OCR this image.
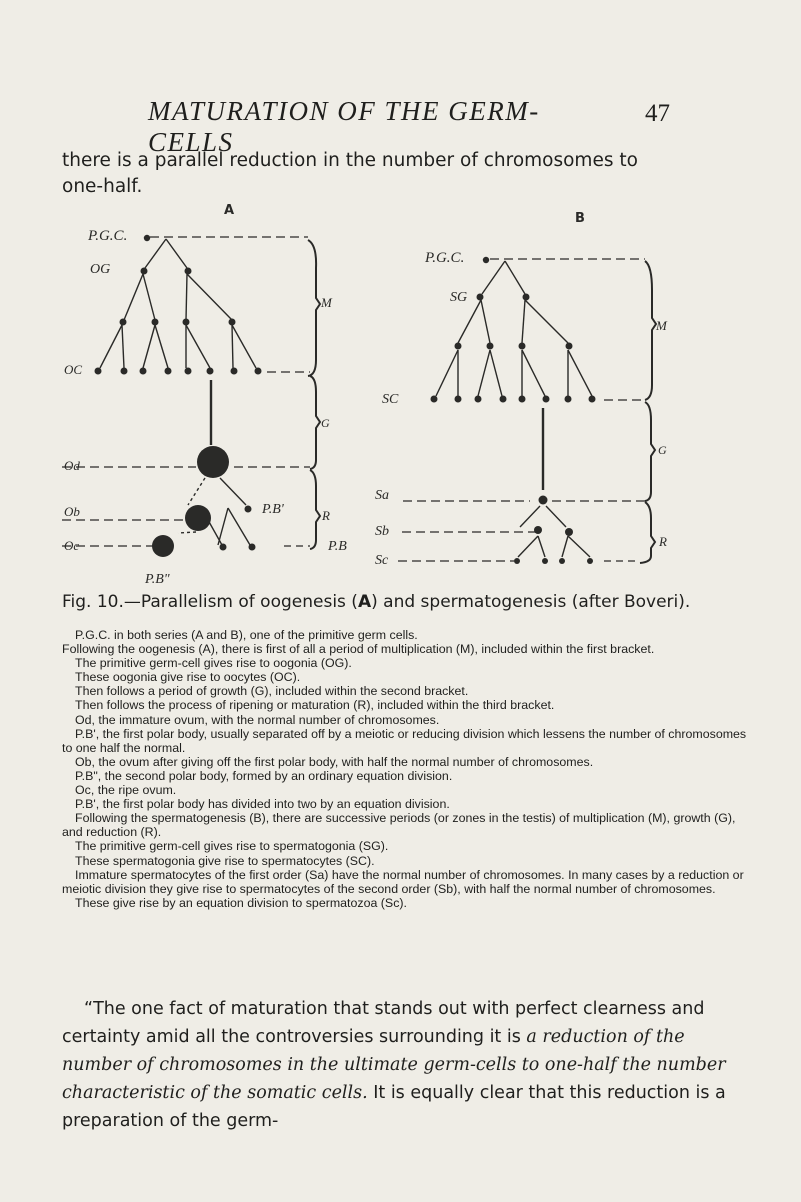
MATURATION OF THE GERM-CELLS
47
there is a parallel reduction in the number of chromosomes to
one-half.
A
P.G.C.
OG
OC
Od
Ob
Oc
P.B'
P.B"
P.B
M
G
R
B
P.G.C.
SG
SC
Sa
Sb
Sc
M
G
R
Fig. 10.—Parallelism of oogenesis (A) and spermatogenesis (after Boveri).

P.G.C. in both series (A and B), one of the primitive germ cells.

Following the oogenesis (A), there is first of all a period of multiplication (M), included within the first bracket.

The primitive germ-cell gives rise to oogonia (OG).

These oogonia give rise to oocytes (OC).

Then follows a period of growth (G), included within the second bracket.

Then follows the process of ripening or maturation (R), included within the third bracket.

Od, the immature ovum, with the normal number of chromosomes.

P.B', the first polar body, usually separated off by a meiotic or reducing division which lessens the number of chromosomes to one half the normal.

Ob, the ovum after giving off the first polar body, with half the normal number of chromosomes.

P.B", the second polar body, formed by an ordinary equation division.

Oc, the ripe ovum.

P.B', the first polar body has divided into two by an equation division.

Following the spermatogenesis (B), there are successive periods (or zones in the testis) of multiplication (M), growth (G), and reduction (R).

The primitive germ-cell gives rise to spermatogonia (SG).

These spermatogonia give rise to spermatocytes (SC).

Immature spermatocytes of the first order (Sa) have the normal number of chromosomes. In many cases by a reduction or meiotic division they give rise to spermatocytes of the second order (Sb), with half the normal number of chromosomes.

These give rise by an equation division to spermatozoa (Sc).

“The one fact of maturation that stands out with perfect clearness and certainty amid all the controversies surrounding it is a reduction of the number of chromosomes in the ultimate germ-cells to one-half the number characteristic of the somatic cells. It is equally clear that this reduction is a preparation of the germ-
